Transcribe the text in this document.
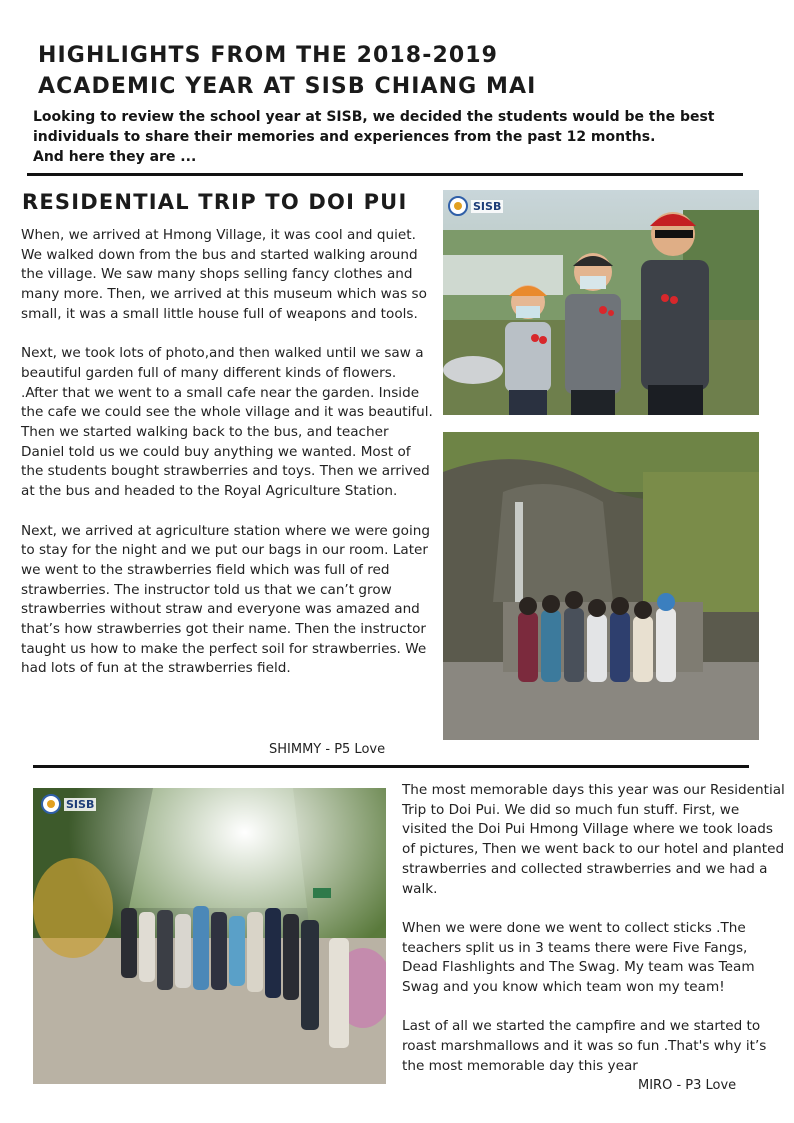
HIGHLIGHTS FROM THE 2018-2019
ACADEMIC YEAR AT SISB CHIANG MAI
Looking to review the school year at SISB, we decided the students would be the best
individuals to share their memories and experiences from the past 12 months.
And here they are ...
RESIDENTIAL TRIP TO DOI PUI

When, we arrived at Hmong Village, it was cool and quiet. We walked down from the bus and started walking around the village. We saw many shops selling fancy clothes and many more. Then, we arrived at this museum which was so small, it was a small little house full of weapons and tools.

Next, we took lots of photo,and then walked until we saw a beautiful garden full of many different kinds of flowers. .After that we went to a small cafe near the garden. Inside the cafe we could see the whole village and it was beautiful. Then we started walking back to the bus, and teacher Daniel told us we could buy anything we wanted. Most of the students bought strawberries and toys. Then we arrived at the bus and headed to the Royal Agriculture Station.

Next, we arrived at agriculture station where we were going to stay for the night and we put our bags in our room. Later we went to the strawberries field which was full of red strawberries. The instructor told us that we can’t grow strawberries without straw and everyone was amazed and that’s how strawberries got their name. Then the instructor taught us how to make the perfect soil for strawberries. We had lots of fun at the strawberries field.

SHIMMY - P5 Love
SISB
SISB

The most memorable days this year was our Residential Trip to Doi Pui. We did so much fun stuff. First, we visited the Doi Pui Hmong Village where we took loads of pictures, Then we went back to our hotel and planted strawberries and collected strawberries and we had a walk.

When we were done we went to collect sticks .The teachers split us in 3 teams there were Five Fangs, Dead Flashlights and The Swag. My team was Team Swag and you know which team won my team!

Last of all we started the campfire and we started to roast marshmallows and it was so fun .That's why it’s the most memorable day this year

MIRO - P3 Love
